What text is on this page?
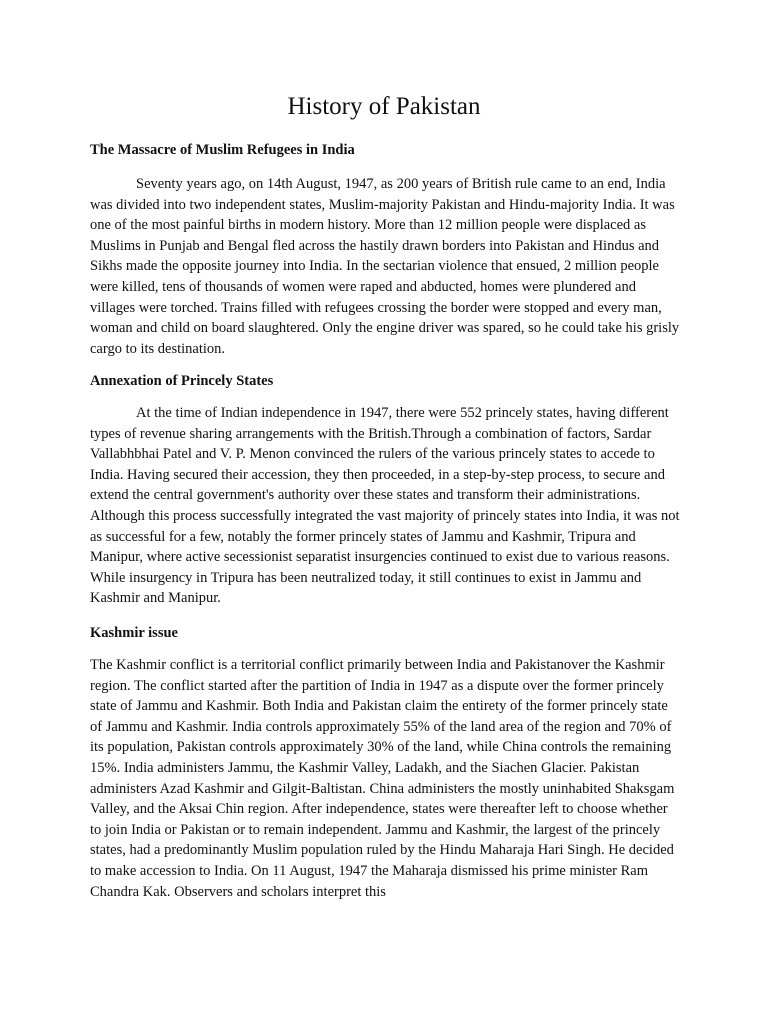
History of Pakistan
The Massacre of Muslim Refugees in India

Seventy years ago, on 14th August, 1947, as 200 years of British rule came to an end, India was divided into two independent states, Muslim-majority Pakistan and Hindu-majority India. It was one of the most painful births in modern history. More than 12 million people were displaced as Muslims in Punjab and Bengal fled across the hastily drawn borders into Pakistan and Hindus and Sikhs made the opposite journey into India. In the sectarian violence that ensued, 2 million people were killed, tens of thousands of women were raped and abducted, homes were plundered and villages were torched. Trains filled with refugees crossing the border were stopped and every man, woman and child on board slaughtered. Only the engine driver was spared, so he could take his grisly cargo to its destination.

Annexation of Princely States

At the time of Indian independence in 1947, there were 552 princely states, having different types of revenue sharing arrangements with the British.Through a combination of factors, Sardar Vallabhbhai Patel and V. P. Menon convinced the rulers of the various princely states to accede to India. Having secured their accession, they then proceeded, in a step-by-step process, to secure and extend the central government's authority over these states and transform their administrations. Although this process successfully integrated the vast majority of princely states into India, it was not as successful for a few, notably the former princely states of Jammu and Kashmir, Tripura and Manipur, where active secessionist separatist insurgencies continued to exist due to various reasons. While insurgency in Tripura has been neutralized today, it still continues to exist in Jammu and Kashmir and Manipur.

Kashmir issue

The Kashmir conflict is a territorial conflict primarily between India and Pakistanover the Kashmir region. The conflict started after the partition of India in 1947 as a dispute over the former princely state of Jammu and Kashmir. Both India and Pakistan claim the entirety of the former princely state of Jammu and Kashmir. India controls approximately 55% of the land area of the region and 70% of its population, Pakistan controls approximately 30% of the land, while China controls the remaining 15%. India administers Jammu, the Kashmir Valley, Ladakh, and the Siachen Glacier. Pakistan administers Azad Kashmir and Gilgit-Baltistan. China administers the mostly uninhabited Shaksgam Valley, and the Aksai Chin region. After independence, states were thereafter left to choose whether to join India or Pakistan or to remain independent. Jammu and Kashmir, the largest of the princely states, had a predominantly Muslim population ruled by the Hindu Maharaja Hari Singh. He decided to make accession to India. On 11 August, 1947 the Maharaja dismissed his prime minister Ram Chandra Kak. Observers and scholars interpret this
